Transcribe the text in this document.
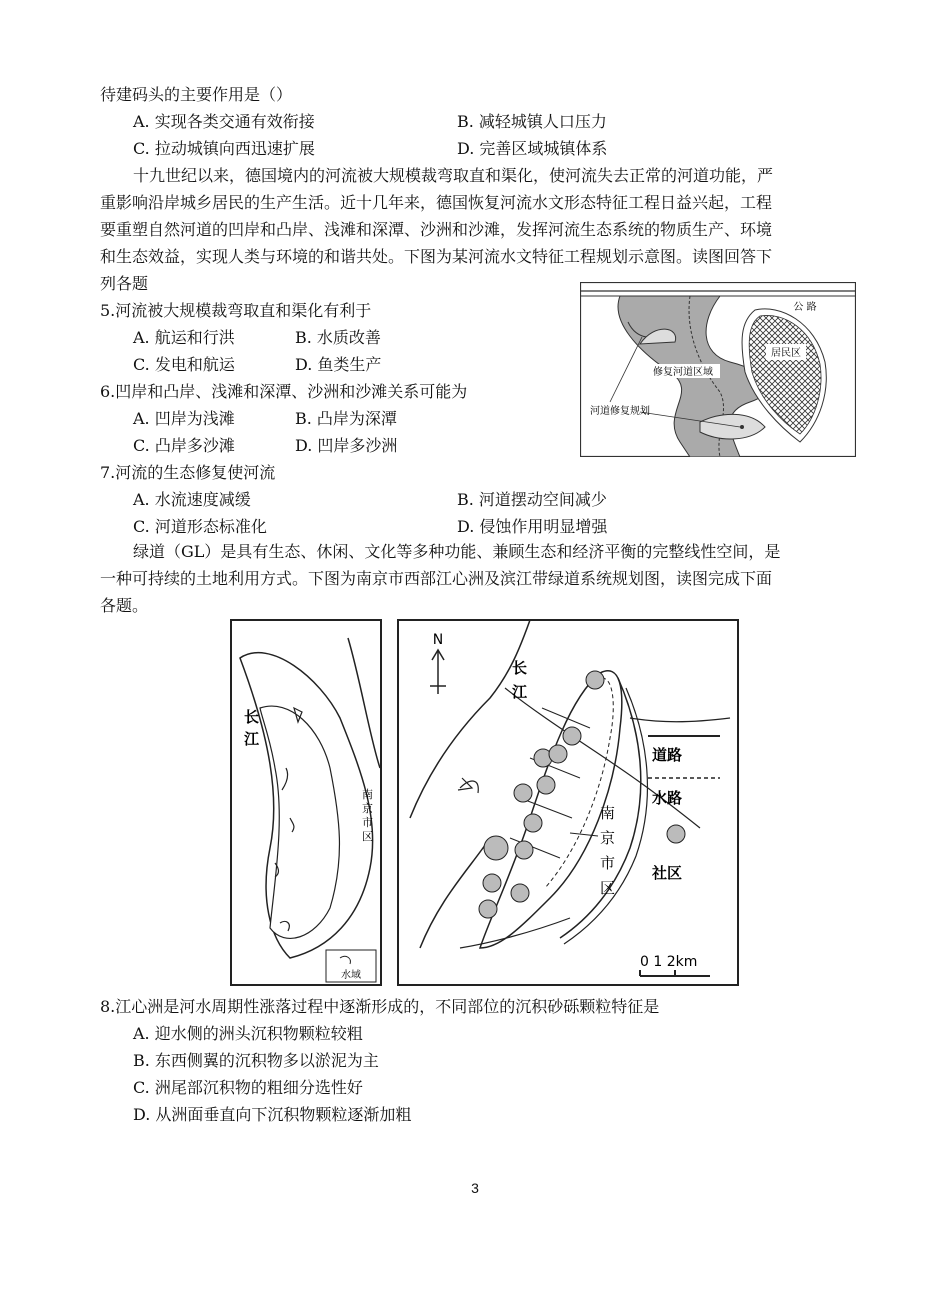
待建码头的主要作用是（）
A. 实现各类交通有效衔接	B. 减轻城镇人口压力
C. 拉动城镇向西迅速扩展	D. 完善区域城镇体系
十九世纪以来，德国境内的河流被大规模裁弯取直和渠化，使河流失去正常的河道功能，严
重影响沿岸城乡居民的生产生活。近十几年来，德国恢复河流水文形态特征工程日益兴起，工程
要重塑自然河道的凹岸和凸岸、浅滩和深潭、沙洲和沙滩，发挥河流生态系统的物质生产、环境
和生态效益，实现人类与环境的和谐共处。下图为某河流水文特征工程规划示意图。读图回答下
列各题
5.河流被大规模裁弯取直和渠化有利于
A. 航运和行洪	B. 水质改善
C. 发电和航运	D. 鱼类生产
6.凹岸和凸岸、浅滩和深潭、沙洲和沙滩关系可能为
A. 凹岸为浅滩	B. 凸岸为深潭
C. 凸岸多沙滩	D. 凹岸多沙洲
7.河流的生态修复使河流
A. 水流速度减缓	B. 河道摆动空间减少
C. 河道形态标准化	D. 侵蚀作用明显增强
居民区
公 路
修复河道区域
河道修复规划
绿道（GL）是具有生态、休闲、文化等多种功能、兼顾生态和经济平衡的完整线性空间，是
一种可持续的土地利用方式。下图为南京市西部江心洲及滨江带绿道系统规划图，读图完成下面
各题。
长江
南京市区
水域
N
长江
南京市区
道路
水路
社区
0 1 2km
8.江心洲是河水周期性涨落过程中逐渐形成的，不同部位的沉积砂砾颗粒特征是
A. 迎水侧的洲头沉积物颗粒较粗
B. 东西侧翼的沉积物多以淤泥为主
C. 洲尾部沉积物的粗细分选性好
D. 从洲面垂直向下沉积物颗粒逐渐加粗
3
